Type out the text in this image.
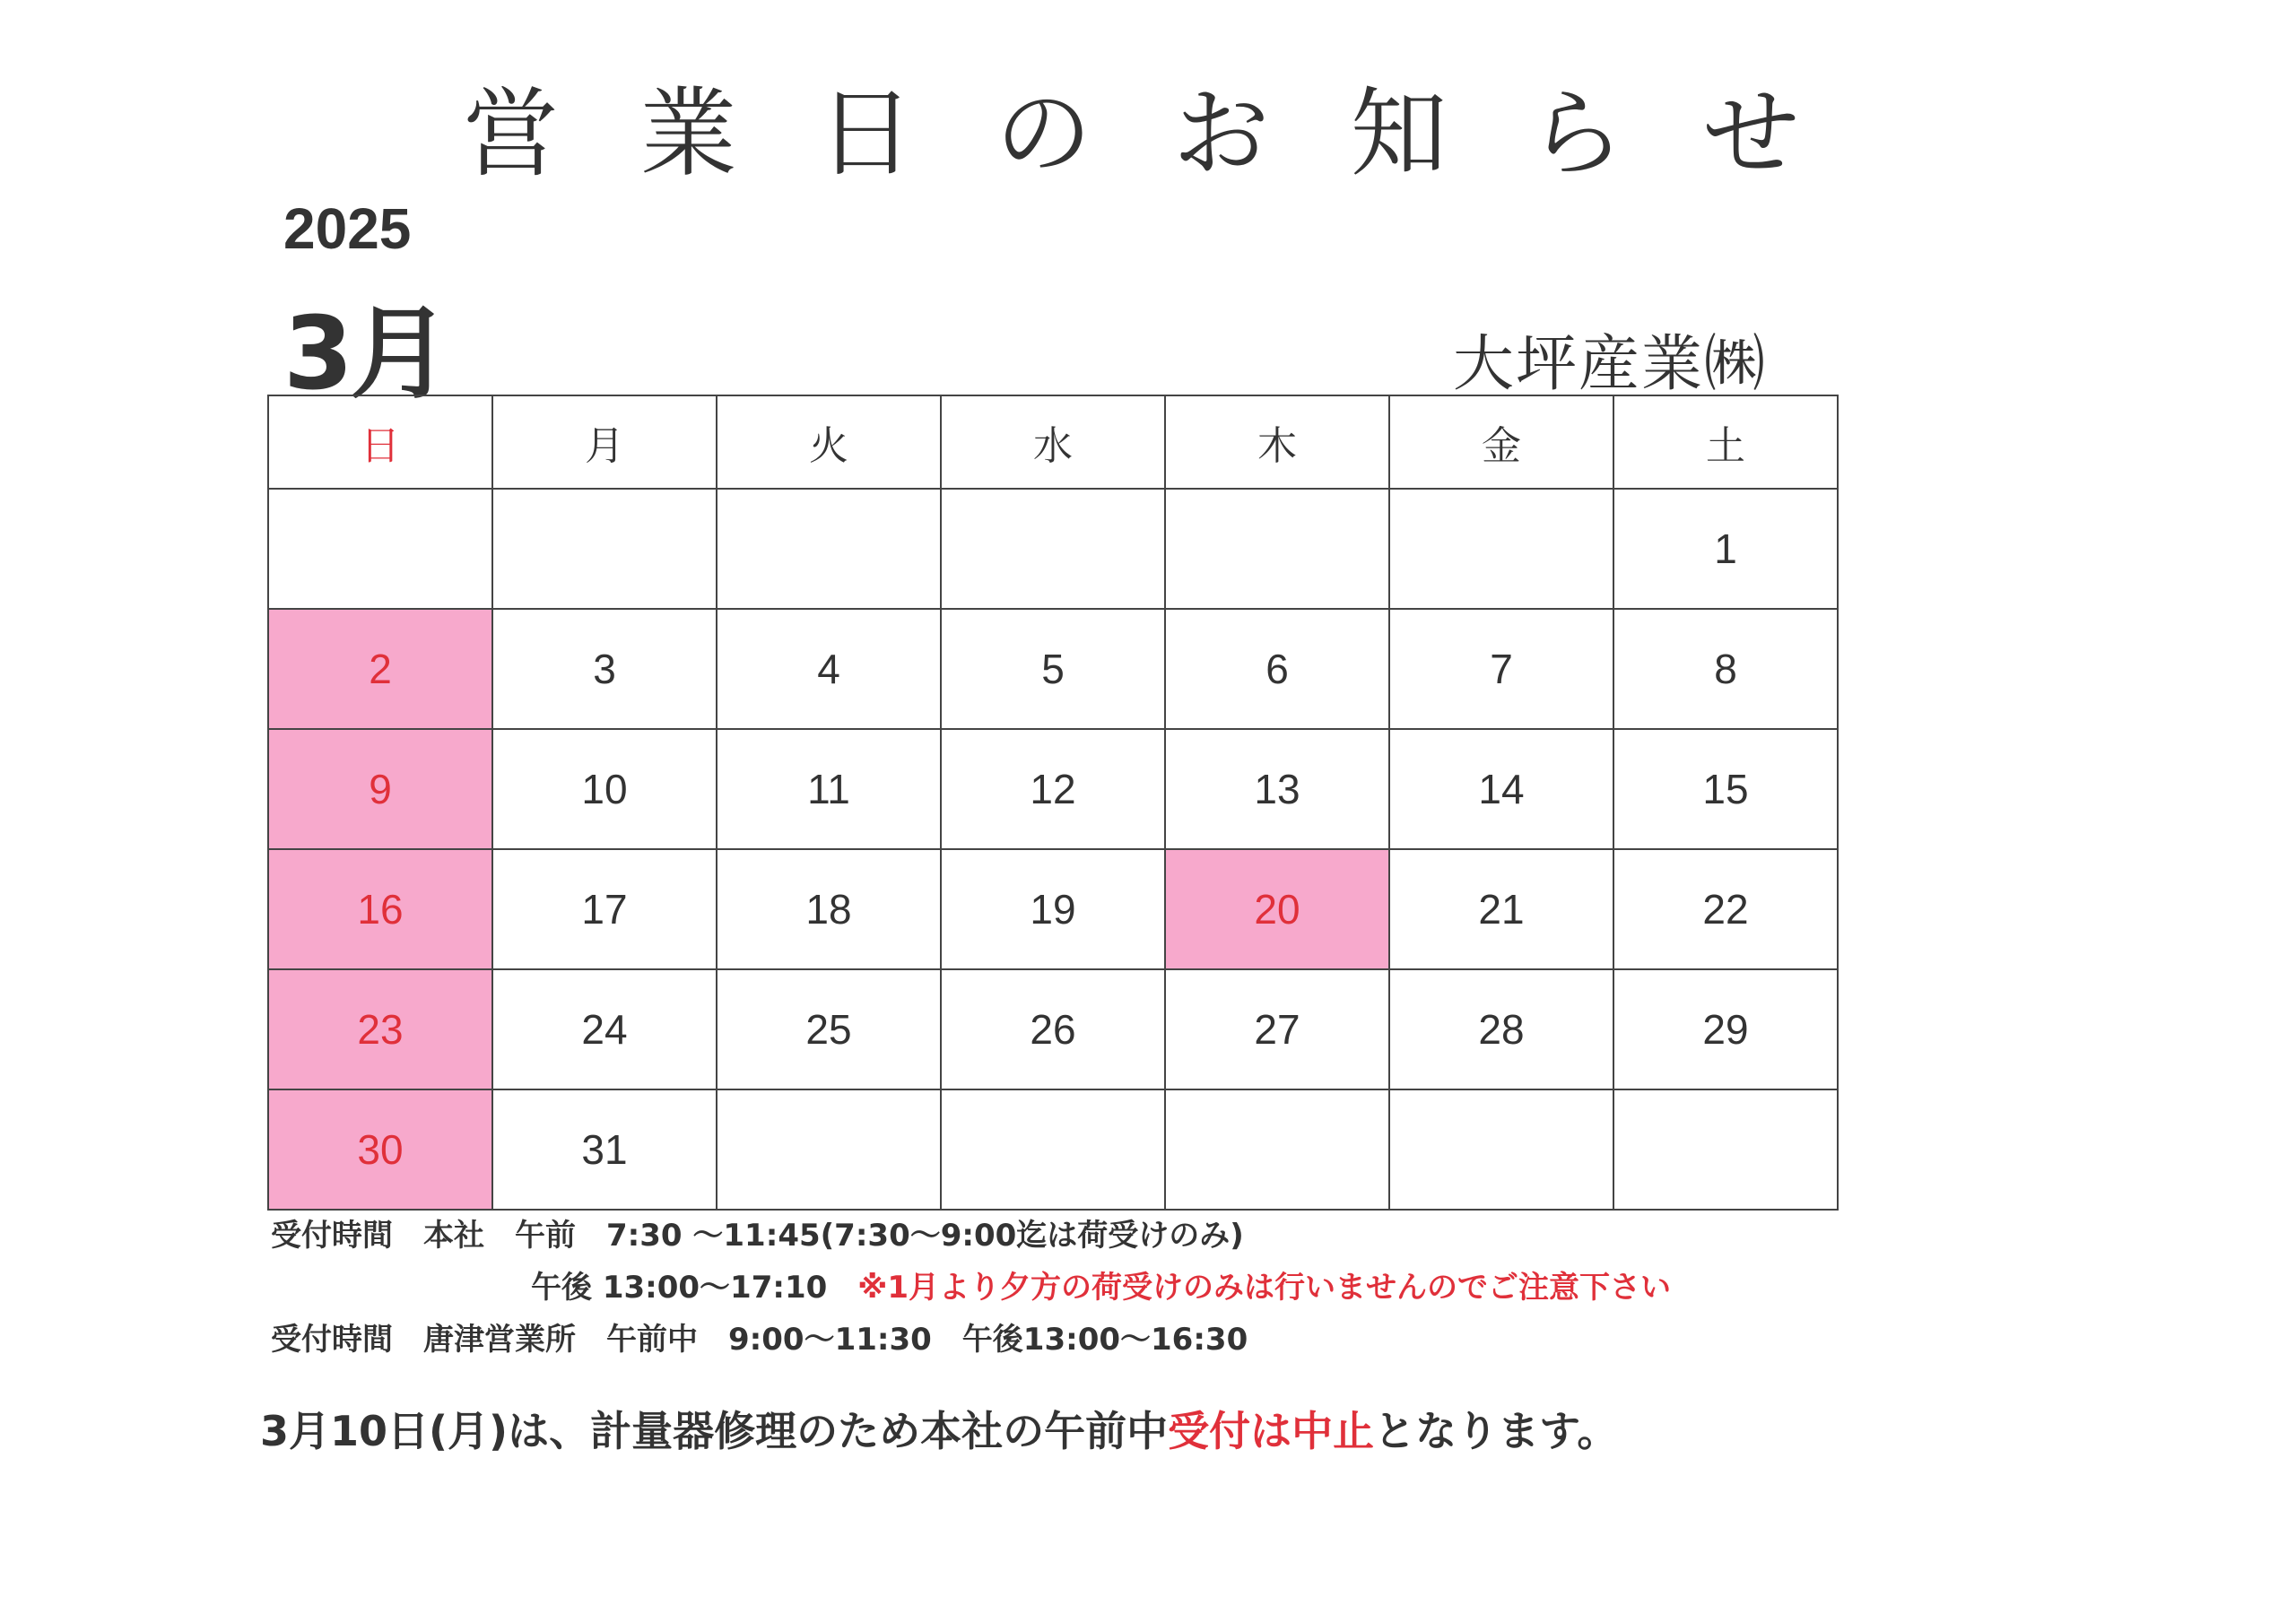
営業日のお知らせ
2025
3月	大坪産業㈱
日	月	火	水	木	金	土
						1
2	3	4	5	6	7	8
9	10	11	12	13	14	15
16	17	18	19	20	21	22
23	24	25	26	27	28	29
30	31					
受付時間　本社　午前　7:30 〜11:45(7:30〜9:00迄は荷受けのみ)
午後 13:00〜17:10　※1月より夕方の荷受けのみは行いませんのでご注意下さい
受付時間　唐津営業所　午前中　9:00〜11:30　午後13:00〜16:30
3月10日(月)は、計量器修理のため本社の午前中受付は中止となります。
